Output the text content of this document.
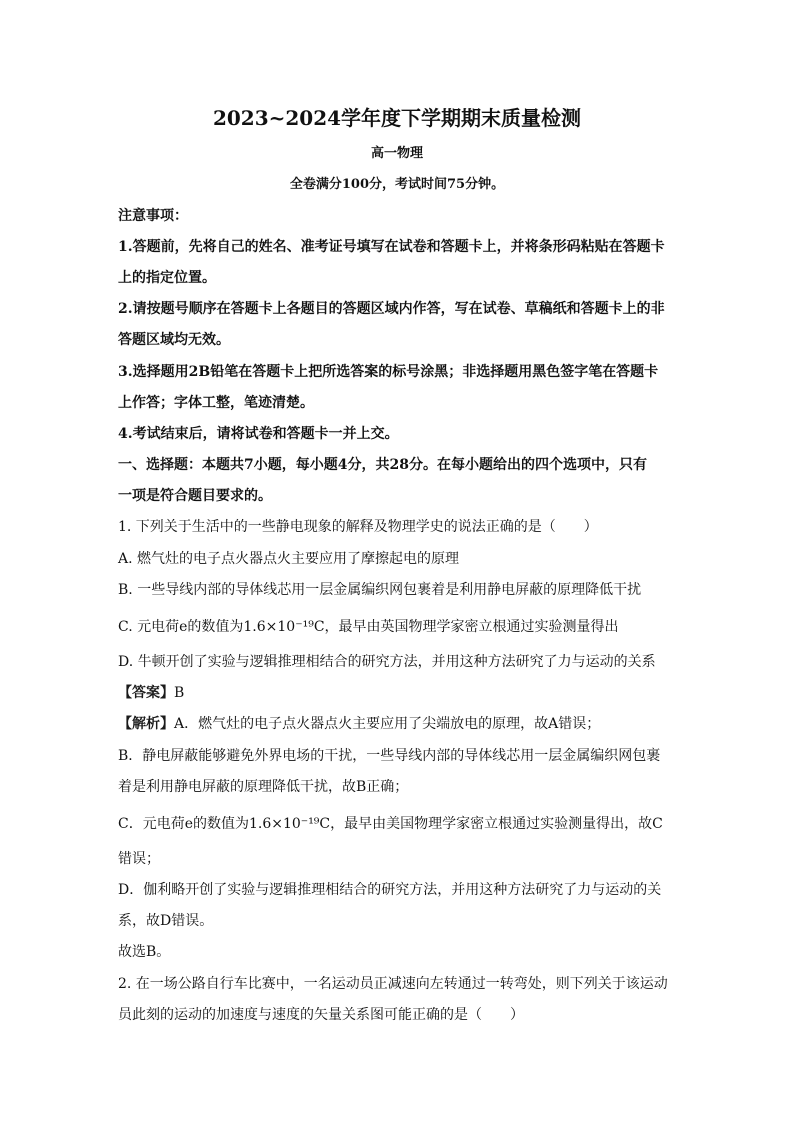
2023~2024学年度下学期期末质量检测
高一物理
全卷满分100分，考试时间75分钟。
注意事项：
1.答题前，先将自己的姓名、准考证号填写在试卷和答题卡上，并将条形码粘贴在答题卡
上的指定位置。
2.请按题号顺序在答题卡上各题目的答题区域内作答，写在试卷、草稿纸和答题卡上的非
答题区域均无效。
3.选择题用2B铅笔在答题卡上把所选答案的标号涂黑；非选择题用黑色签字笔在答题卡
上作答；字体工整，笔迹清楚。
4.考试结束后，请将试卷和答题卡一并上交。
一、选择题：本题共7小题，每小题4分，共28分。在每小题给出的四个选项中，只有
一项是符合题目要求的。
1. 下列关于生活中的一些静电现象的解释及物理学史的说法正确的是（　　）
A. 燃气灶的电子点火器点火主要应用了摩擦起电的原理
B. 一些导线内部的导体线芯用一层金属编织网包裹着是利用静电屏蔽的原理降低干扰
C. 元电荷e的数值为1.6×10⁻¹⁹C，最早由英国物理学家密立根通过实验测量得出
D. 牛顿开创了实验与逻辑推理相结合的研究方法，并用这种方法研究了力与运动的关系
【答案】B
【解析】A．燃气灶的电子点火器点火主要应用了尖端放电的原理，故A错误；
B．静电屏蔽能够避免外界电场的干扰，一些导线内部的导体线芯用一层金属编织网包裹
着是利用静电屏蔽的原理降低干扰，故B正确；
C．元电荷e的数值为1.6×10⁻¹⁹C，最早由美国物理学家密立根通过实验测量得出，故C
错误；
D．伽利略开创了实验与逻辑推理相结合的研究方法，并用这种方法研究了力与运动的关
系，故D错误。
故选B。
2. 在一场公路自行车比赛中，一名运动员正减速向左转通过一转弯处，则下列关于该运动
员此刻的运动的加速度与速度的矢量关系图可能正确的是（　　）
